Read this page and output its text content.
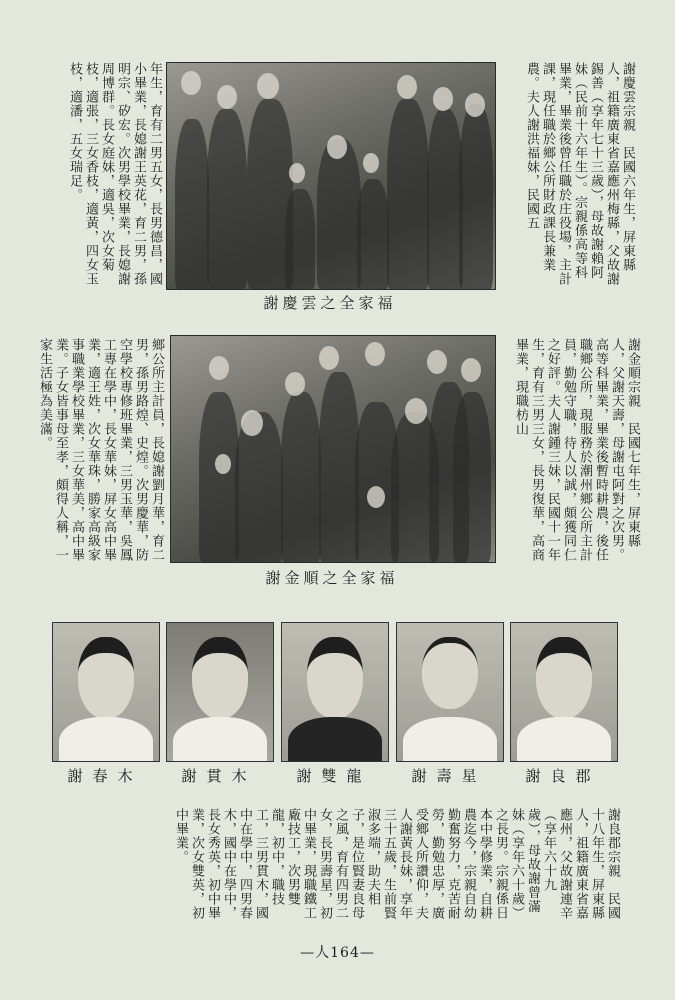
謝慶雲宗親　民國六年生，屏東縣人，祖籍廣東省嘉應州梅縣，父故謝錫善（享年七十三歲），母故謝賴阿妹（民前十六年生）。宗親係高等科畢業，畢業後曾任職於庄役場，主計課，現任職於鄉公所財政課長兼業農。夫人謝洪福妹，民國五
年生，育有二男五女，長男德昌，國小畢業，長媳謝王英花，育二男，孫明宗、矽宏。次男學校畢業，長媳謝周博群。長女庭妹，適吳，次女菊枝，適張，三女香枝，適黃，四女玉枝，適潘，五女瑞足。
謝慶雲之全家福
謝金順宗親　民國七年生，屏東縣人，父謝天壽，母謝屯阿對之次男。高等科畢業，畢業後暫時耕農，後任職鄉公所，現服務於潮州鄉公所主計員，勤勉守職，待人以誠，頗獲同仁之好評。夫人謝鍾三妹，民國十一年生，育有三男三女，長男復華，高商畢業，現職枋山
鄉公所主計員，長媳謝劉月華，育二男，孫男路煌、史煌。次男慶華，防空學校專修班畢業，三男玉華，吳鳳工專在學中，長女華妹，屏女高中畢業，適王姓，次女華珠，勝家高級家事職業學校畢業，三女華美，高中畢業。子女皆事母至孝，頗得人稱，一家生活極為美滿。
謝金順之全家福
謝良郡
謝壽星
謝雙龍
謝貫木
謝春木
謝良郡宗親　民國十八年生，屏東縣人，祖籍廣東省嘉應州，父故謝連辛（享年六十九歲），母故謝曾滿妹（享年六十歲）之長男。宗親係日本中學修業，自耕農迄今，宗親自幼勤奮努力，克苦耐勞，勤勉忠厚，廣受鄉人所讚仰，夫人謝黃長妹，享年三十五歲，生前賢淑多端，助夫相子，是位賢妻良母之風，育有四男二女，長男壽星，初中畢業，現職鐵工廠技工，次男雙龍，初中，職技工，三男貫木，國中在學中，四男春木，國中在學中，長女秀英，初中畢業，次女雙英，初中畢業。
—人164—
